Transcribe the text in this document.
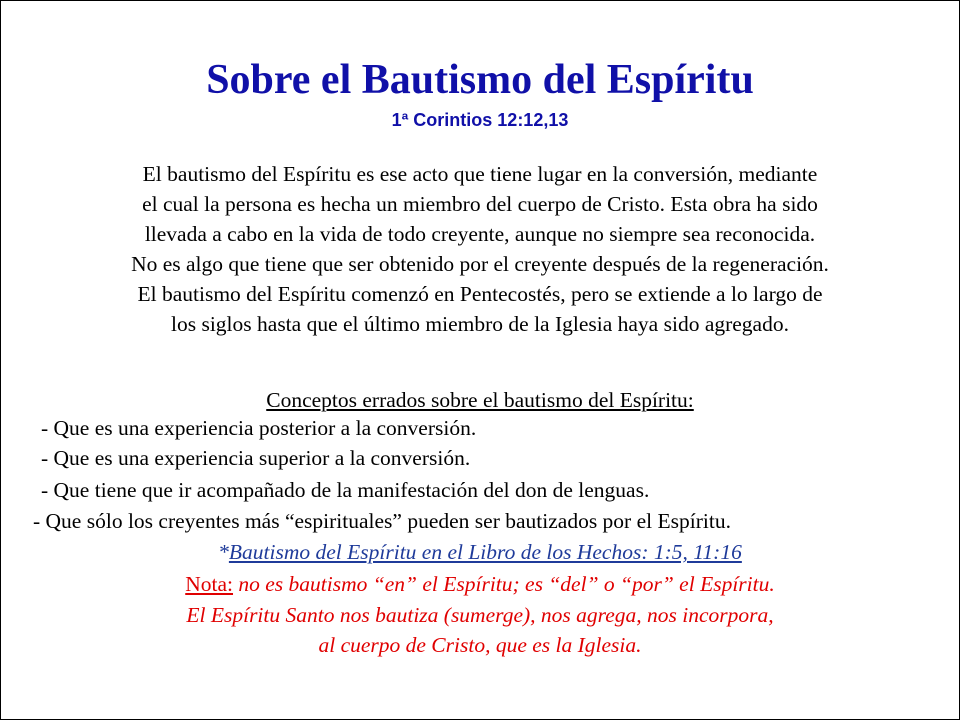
Sobre el Bautismo del Espíritu
1ª Corintios 12:12,13
El bautismo del Espíritu es ese acto que tiene lugar en la conversión, mediante
el cual la persona es hecha un miembro del cuerpo de Cristo. Esta obra ha sido
llevada a cabo en la vida de todo creyente, aunque no siempre sea reconocida.
No es algo que tiene que ser obtenido por el creyente después de la regeneración.
El bautismo del Espíritu comenzó en Pentecostés, pero se extiende a lo largo de
los siglos hasta que el último miembro de la Iglesia haya sido agregado.
Conceptos errados sobre el bautismo del Espíritu:
- Que es una experiencia posterior a la conversión.
- Que es una experiencia superior a la conversión.
- Que tiene que ir acompañado de la manifestación del don de lenguas.
- Que sólo los creyentes más “espirituales” pueden ser bautizados por el Espíritu.
*Bautismo del Espíritu en el Libro de los Hechos: 1:5, 11:16
Nota: no es bautismo “en” el Espíritu; es “del” o “por” el Espíritu.
El Espíritu Santo nos bautiza (sumerge), nos agrega, nos incorpora,
al cuerpo de Cristo, que es la Iglesia.
